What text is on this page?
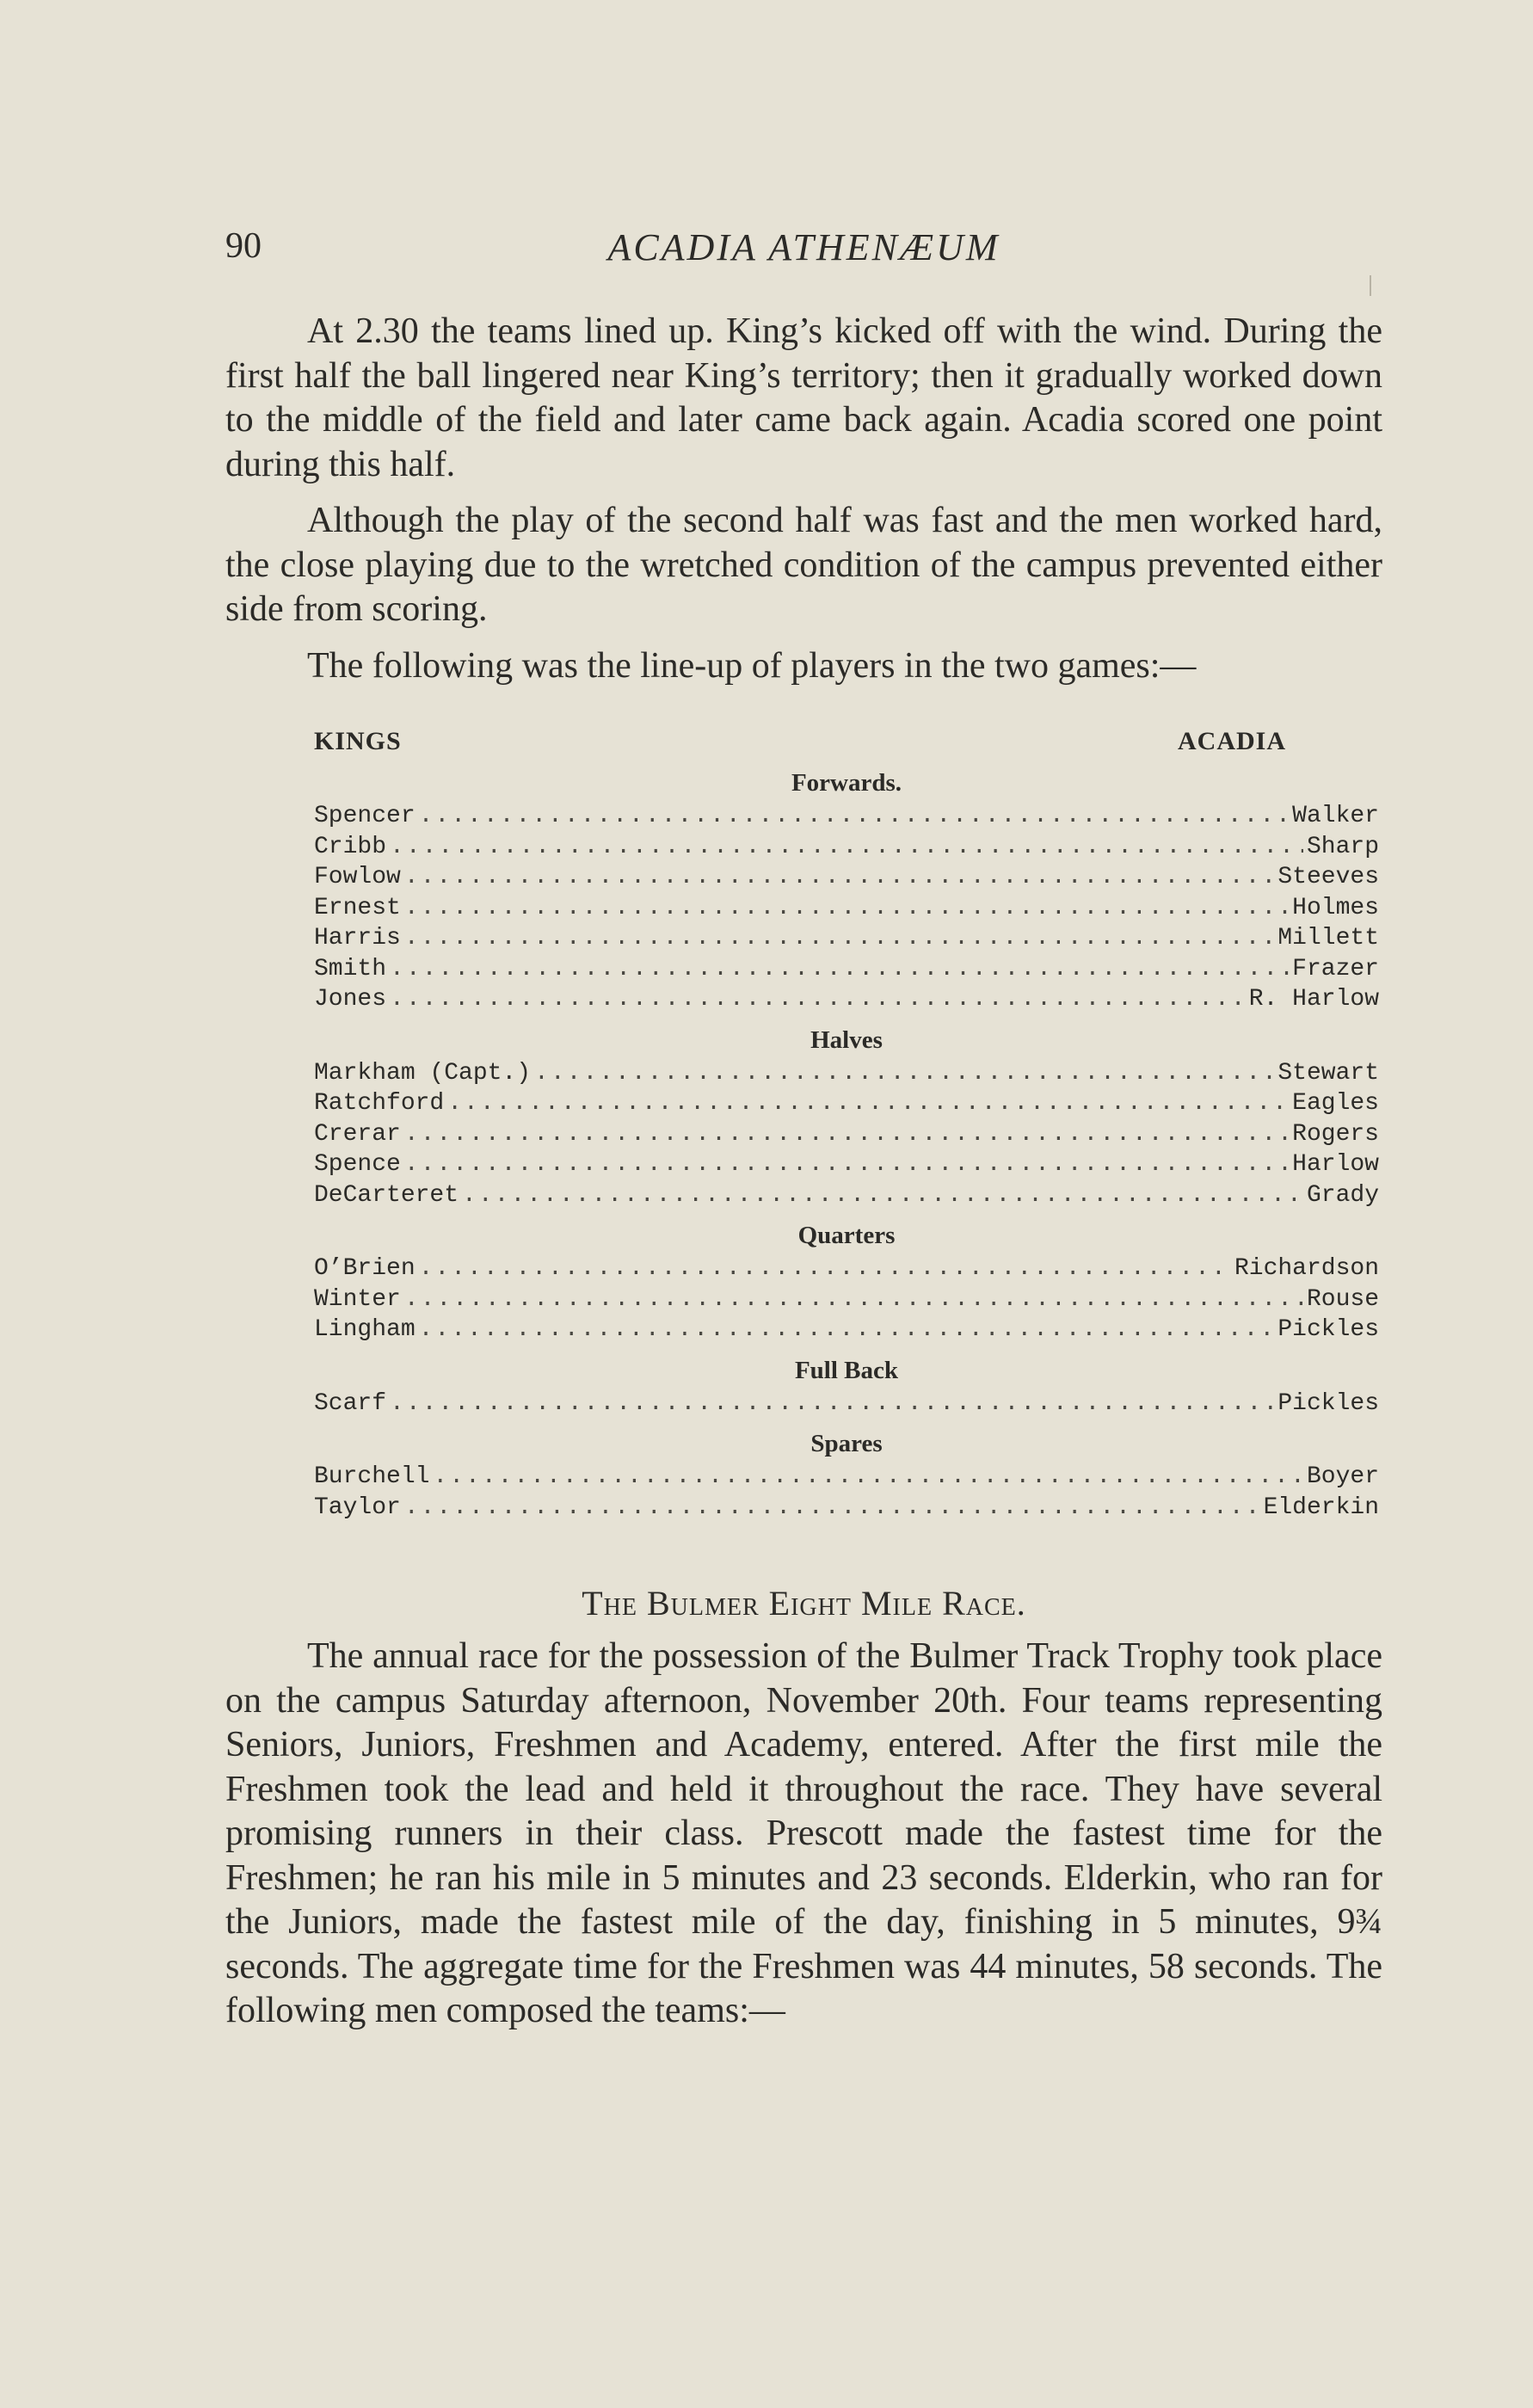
90	ACADIA ATHENÆUM

At 2.30 the teams lined up. King’s kicked off with the wind. During the first half the ball lingered near King’s territory; then it gradually worked down to the middle of the field and later came back again. Acadia scored one point during this half.

Although the play of the second half was fast and the men worked hard, the close playing due to the wretched condition of the campus prevented either side from scoring.

The following was the line-up of players in the two games:—

KINGS	ACADIA
Forwards.
Spencer .....	Walker
Cribb .....	Sharp
Fowlow .....	Steeves
Ernest .....	Holmes
Harris .....	Millett
Smith .....	Frazer
Jones .....	R. Harlow
Halves
Markham (Capt.) .....	Stewart
Ratchford .....	Eagles
Crerar .....	Rogers
Spence .....	Harlow
DeCarteret .....	Grady
Quarters
O’Brien .....	Richardson
Winter .....	Rouse
Lingham .....	Pickles
Full Back
Scarf .....	Pickles
Spares
Burchell .....	Boyer
Taylor .....	Elderkin
The Bulmer Eight Mile Race.

The annual race for the possession of the Bulmer Track Trophy took place on the campus Saturday afternoon, November 20th. Four teams representing Seniors, Juniors, Freshmen and Academy, entered. After the first mile the Freshmen took the lead and held it throughout the race. They have several promising runners in their class. Prescott made the fastest time for the Freshmen; he ran his mile in 5 minutes and 23 seconds. Elderkin, who ran for the Juniors, made the fastest mile of the day, finishing in 5 minutes, 9¾ seconds. The aggregate time for the Freshmen was 44 minutes, 58 seconds. The following men composed the teams:—
